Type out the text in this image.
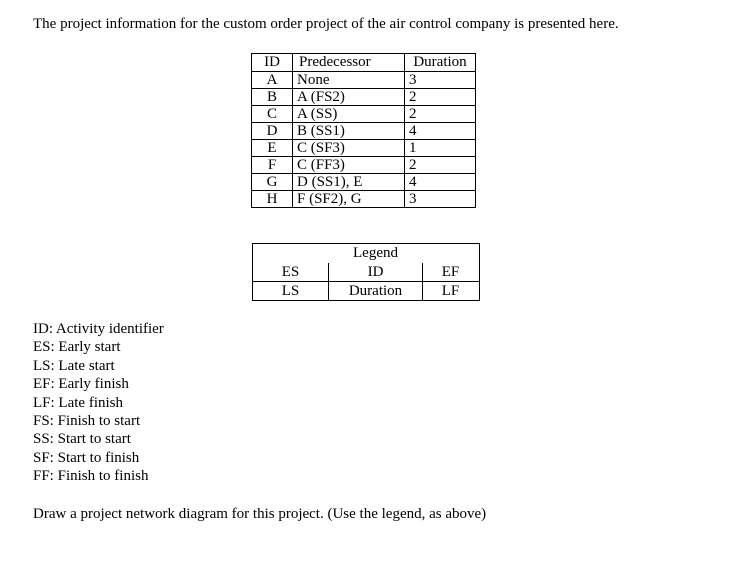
The project information for the custom order project of the air control company is presented here.
ID	Predecessor	Duration
A	None	3
B	A (FS2)	2
C	A (SS)	2
D	B (SS1)	4
E	C (SF3)	1
F	C (FF3)	2
G	D (SS1), E	4
H	F (SF2), G	3
Legend
ES	ID	EF
LS	Duration	LF
ID: Activity identifier
ES: Early start
LS: Late start
EF: Early finish
LF: Late finish
FS: Finish to start
SS: Start to start
SF: Start to finish
FF: Finish to finish
Draw a project network diagram for this project. (Use the legend, as above)
